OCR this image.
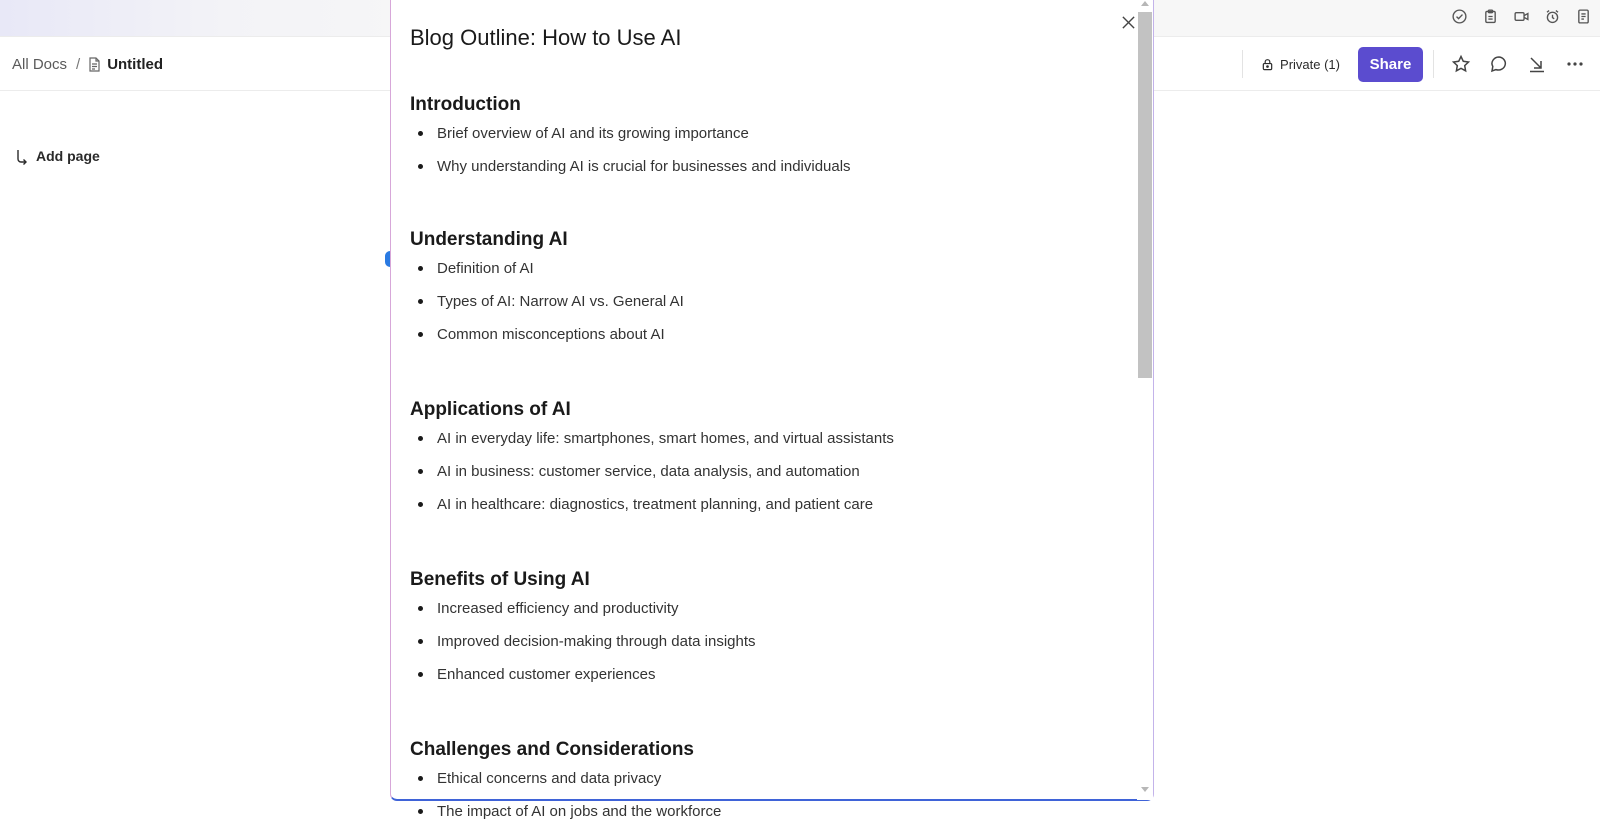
All Docs / Untitled	Private (1)	Share
Add page
Blog Outline: How to Use AI
Introduction
Brief overview of AI and its growing importance
Why understanding AI is crucial for businesses and individuals
Understanding AI
Definition of AI
Types of AI: Narrow AI vs. General AI
Common misconceptions about AI
Applications of AI
AI in everyday life: smartphones, smart homes, and virtual assistants
AI in business: customer service, data analysis, and automation
AI in healthcare: diagnostics, treatment planning, and patient care
Benefits of Using AI
Increased efficiency and productivity
Improved decision-making through data insights
Enhanced customer experiences
Challenges and Considerations
Ethical concerns and data privacy
The impact of AI on jobs and the workforce
